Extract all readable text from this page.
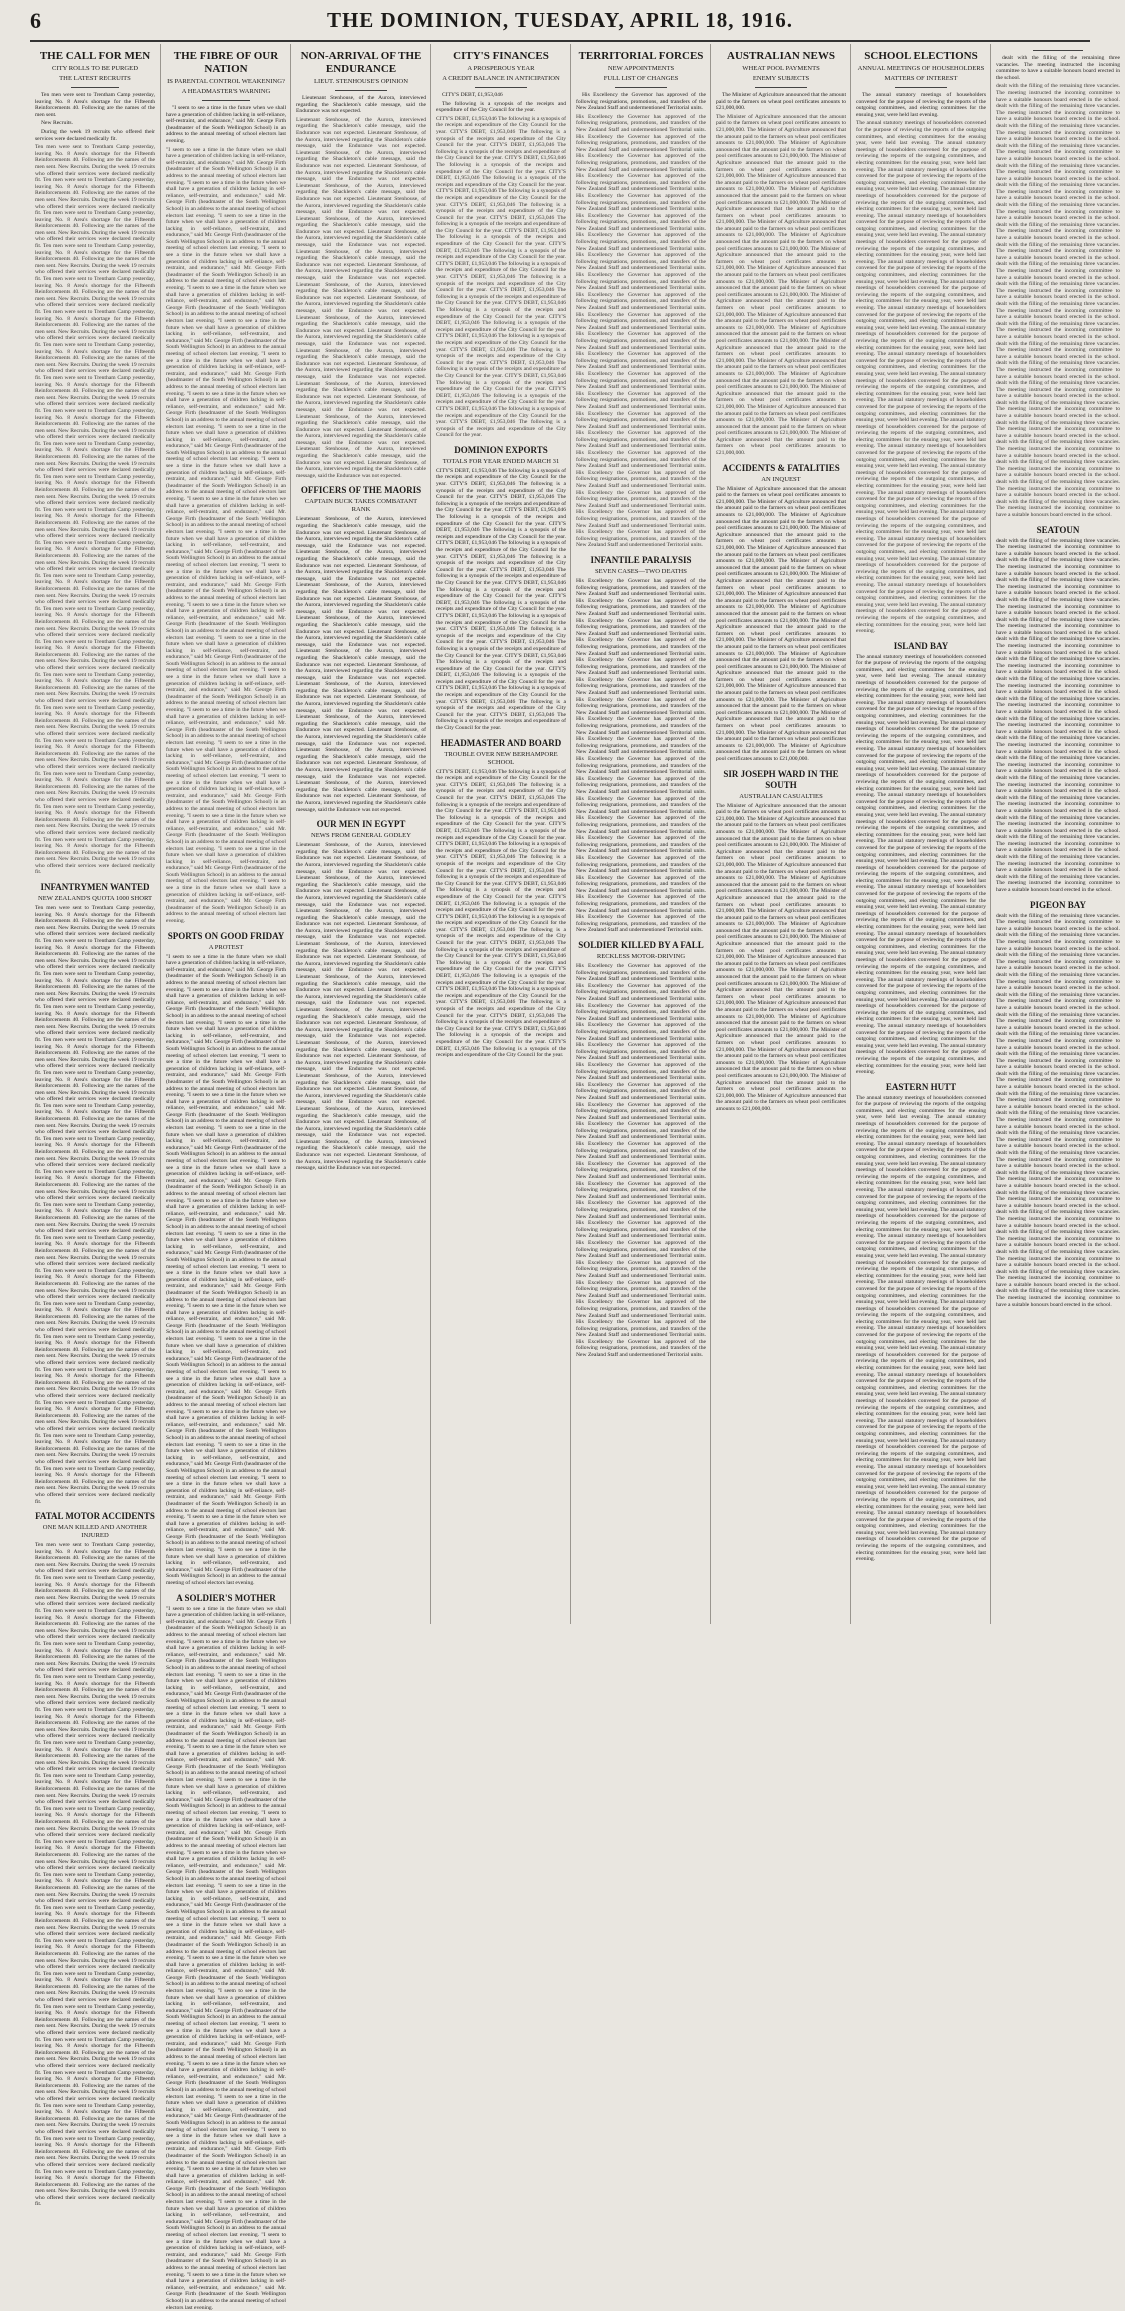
6	THE DOMINION, TUESDAY, APRIL 18, 1916.
THE CALL FOR MEN
CITY ROLLS TO BE PURGED
THE LATEST RECRUITS

Ten men were sent to Trentham Camp yesterday, leaving No. 8 Area's shortage for the Fifteenth Reinforcements 40. Following are the names of the men sent.

New Recruits.

During the week 19 recruits who offered their services were declared medically fit.

Ten men were sent to Trentham Camp yesterday, leaving No. 8 Area's shortage for the Fifteenth Reinforcements 40. Following are the names of the men sent. New Recruits. During the week 19 recruits who offered their services were declared medically fit. Ten men were sent to Trentham Camp yesterday, leaving No. 8 Area's shortage for the Fifteenth Reinforcements 40. Following are the names of the men sent. New Recruits. During the week 19 recruits who offered their services were declared medically fit. Ten men were sent to Trentham Camp yesterday, leaving No. 8 Area's shortage for the Fifteenth Reinforcements 40. Following are the names of the men sent. New Recruits. During the week 19 recruits who offered their services were declared medically fit. Ten men were sent to Trentham Camp yesterday, leaving No. 8 Area's shortage for the Fifteenth Reinforcements 40. Following are the names of the men sent. New Recruits. During the week 19 recruits who offered their services were declared medically fit. Ten men were sent to Trentham Camp yesterday, leaving No. 8 Area's shortage for the Fifteenth Reinforcements 40. Following are the names of the men sent. New Recruits. During the week 19 recruits who offered their services were declared medically fit. Ten men were sent to Trentham Camp yesterday, leaving No. 8 Area's shortage for the Fifteenth Reinforcements 40. Following are the names of the men sent. New Recruits. During the week 19 recruits who offered their services were declared medically fit. Ten men were sent to Trentham Camp yesterday, leaving No. 8 Area's shortage for the Fifteenth Reinforcements 40. Following are the names of the men sent. New Recruits. During the week 19 recruits who offered their services were declared medically fit. Ten men were sent to Trentham Camp yesterday, leaving No. 8 Area's shortage for the Fifteenth Reinforcements 40. Following are the names of the men sent. New Recruits. During the week 19 recruits who offered their services were declared medically fit. Ten men were sent to Trentham Camp yesterday, leaving No. 8 Area's shortage for the Fifteenth Reinforcements 40. Following are the names of the men sent. New Recruits. During the week 19 recruits who offered their services were declared medically fit. Ten men were sent to Trentham Camp yesterday, leaving No. 8 Area's shortage for the Fifteenth Reinforcements 40. Following are the names of the men sent. New Recruits. During the week 19 recruits who offered their services were declared medically fit. Ten men were sent to Trentham Camp yesterday, leaving No. 8 Area's shortage for the Fifteenth Reinforcements 40. Following are the names of the men sent. New Recruits. During the week 19 recruits who offered their services were declared medically fit. Ten men were sent to Trentham Camp yesterday, leaving No. 8 Area's shortage for the Fifteenth Reinforcements 40. Following are the names of the men sent. New Recruits. During the week 19 recruits who offered their services were declared medically fit. Ten men were sent to Trentham Camp yesterday, leaving No. 8 Area's shortage for the Fifteenth Reinforcements 40. Following are the names of the men sent. New Recruits. During the week 19 recruits who offered their services were declared medically fit. Ten men were sent to Trentham Camp yesterday, leaving No. 8 Area's shortage for the Fifteenth Reinforcements 40. Following are the names of the men sent. New Recruits. During the week 19 recruits who offered their services were declared medically fit. Ten men were sent to Trentham Camp yesterday, leaving No. 8 Area's shortage for the Fifteenth Reinforcements 40. Following are the names of the men sent. New Recruits. During the week 19 recruits who offered their services were declared medically fit. Ten men were sent to Trentham Camp yesterday, leaving No. 8 Area's shortage for the Fifteenth Reinforcements 40. Following are the names of the men sent. New Recruits. During the week 19 recruits who offered their services were declared medically fit. Ten men were sent to Trentham Camp yesterday, leaving No. 8 Area's shortage for the Fifteenth Reinforcements 40. Following are the names of the men sent. New Recruits. During the week 19 recruits who offered their services were declared medically fit. Ten men were sent to Trentham Camp yesterday, leaving No. 8 Area's shortage for the Fifteenth Reinforcements 40. Following are the names of the men sent. New Recruits. During the week 19 recruits who offered their services were declared medically fit. Ten men were sent to Trentham Camp yesterday, leaving No. 8 Area's shortage for the Fifteenth Reinforcements 40. Following are the names of the men sent. New Recruits. During the week 19 recruits who offered their services were declared medically fit. Ten men were sent to Trentham Camp yesterday, leaving No. 8 Area's shortage for the Fifteenth Reinforcements 40. Following are the names of the men sent. New Recruits. During the week 19 recruits who offered their services were declared medically fit. Ten men were sent to Trentham Camp yesterday, leaving No. 8 Area's shortage for the Fifteenth Reinforcements 40. Following are the names of the men sent. New Recruits. During the week 19 recruits who offered their services were declared medically fit. Ten men were sent to Trentham Camp yesterday, leaving No. 8 Area's shortage for the Fifteenth Reinforcements 40. Following are the names of the men sent. New Recruits. During the week 19 recruits who offered their services were declared medically fit.
INFANTRYMEN WANTED
NEW ZEALAND'S QUOTA 1000 SHORT
Ten men were sent to Trentham Camp yesterday, leaving No. 8 Area's shortage for the Fifteenth Reinforcements 40. Following are the names of the men sent. New Recruits. During the week 19 recruits who offered their services were declared medically fit. Ten men were sent to Trentham Camp yesterday, leaving No. 8 Area's shortage for the Fifteenth Reinforcements 40. Following are the names of the men sent. New Recruits. During the week 19 recruits who offered their services were declared medically fit. Ten men were sent to Trentham Camp yesterday, leaving No. 8 Area's shortage for the Fifteenth Reinforcements 40. Following are the names of the men sent. New Recruits. During the week 19 recruits who offered their services were declared medically fit. Ten men were sent to Trentham Camp yesterday, leaving No. 8 Area's shortage for the Fifteenth Reinforcements 40. Following are the names of the men sent. New Recruits. During the week 19 recruits who offered their services were declared medically fit. Ten men were sent to Trentham Camp yesterday, leaving No. 8 Area's shortage for the Fifteenth Reinforcements 40. Following are the names of the men sent. New Recruits. During the week 19 recruits who offered their services were declared medically fit. Ten men were sent to Trentham Camp yesterday, leaving No. 8 Area's shortage for the Fifteenth Reinforcements 40. Following are the names of the men sent. New Recruits. During the week 19 recruits who offered their services were declared medically fit. Ten men were sent to Trentham Camp yesterday, leaving No. 8 Area's shortage for the Fifteenth Reinforcements 40. Following are the names of the men sent. New Recruits. During the week 19 recruits who offered their services were declared medically fit. Ten men were sent to Trentham Camp yesterday, leaving No. 8 Area's shortage for the Fifteenth Reinforcements 40. Following are the names of the men sent. New Recruits. During the week 19 recruits who offered their services were declared medically fit. Ten men were sent to Trentham Camp yesterday, leaving No. 8 Area's shortage for the Fifteenth Reinforcements 40. Following are the names of the men sent. New Recruits. During the week 19 recruits who offered their services were declared medically fit. Ten men were sent to Trentham Camp yesterday, leaving No. 8 Area's shortage for the Fifteenth Reinforcements 40. Following are the names of the men sent. New Recruits. During the week 19 recruits who offered their services were declared medically fit. Ten men were sent to Trentham Camp yesterday, leaving No. 8 Area's shortage for the Fifteenth Reinforcements 40. Following are the names of the men sent. New Recruits. During the week 19 recruits who offered their services were declared medically fit. Ten men were sent to Trentham Camp yesterday, leaving No. 8 Area's shortage for the Fifteenth Reinforcements 40. Following are the names of the men sent. New Recruits. During the week 19 recruits who offered their services were declared medically fit. Ten men were sent to Trentham Camp yesterday, leaving No. 8 Area's shortage for the Fifteenth Reinforcements 40. Following are the names of the men sent. New Recruits. During the week 19 recruits who offered their services were declared medically fit. Ten men were sent to Trentham Camp yesterday, leaving No. 8 Area's shortage for the Fifteenth Reinforcements 40. Following are the names of the men sent. New Recruits. During the week 19 recruits who offered their services were declared medically fit. Ten men were sent to Trentham Camp yesterday, leaving No. 8 Area's shortage for the Fifteenth Reinforcements 40. Following are the names of the men sent. New Recruits. During the week 19 recruits who offered their services were declared medically fit. Ten men were sent to Trentham Camp yesterday, leaving No. 8 Area's shortage for the Fifteenth Reinforcements 40. Following are the names of the men sent. New Recruits. During the week 19 recruits who offered their services were declared medically fit. Ten men were sent to Trentham Camp yesterday, leaving No. 8 Area's shortage for the Fifteenth Reinforcements 40. Following are the names of the men sent. New Recruits. During the week 19 recruits who offered their services were declared medically fit. Ten men were sent to Trentham Camp yesterday, leaving No. 8 Area's shortage for the Fifteenth Reinforcements 40. Following are the names of the men sent. New Recruits. During the week 19 recruits who offered their services were declared medically fit.
FATAL MOTOR ACCIDENTS
ONE MAN KILLED AND ANOTHER INJURED
Ten men were sent to Trentham Camp yesterday, leaving No. 8 Area's shortage for the Fifteenth Reinforcements 40. Following are the names of the men sent. New Recruits. During the week 19 recruits who offered their services were declared medically fit. Ten men were sent to Trentham Camp yesterday, leaving No. 8 Area's shortage for the Fifteenth Reinforcements 40. Following are the names of the men sent. New Recruits. During the week 19 recruits who offered their services were declared medically fit. Ten men were sent to Trentham Camp yesterday, leaving No. 8 Area's shortage for the Fifteenth Reinforcements 40. Following are the names of the men sent. New Recruits. During the week 19 recruits who offered their services were declared medically fit. Ten men were sent to Trentham Camp yesterday, leaving No. 8 Area's shortage for the Fifteenth Reinforcements 40. Following are the names of the men sent. New Recruits. During the week 19 recruits who offered their services were declared medically fit. Ten men were sent to Trentham Camp yesterday, leaving No. 8 Area's shortage for the Fifteenth Reinforcements 40. Following are the names of the men sent. New Recruits. During the week 19 recruits who offered their services were declared medically fit. Ten men were sent to Trentham Camp yesterday, leaving No. 8 Area's shortage for the Fifteenth Reinforcements 40. Following are the names of the men sent. New Recruits. During the week 19 recruits who offered their services were declared medically fit. Ten men were sent to Trentham Camp yesterday, leaving No. 8 Area's shortage for the Fifteenth Reinforcements 40. Following are the names of the men sent. New Recruits. During the week 19 recruits who offered their services were declared medically fit. Ten men were sent to Trentham Camp yesterday, leaving No. 8 Area's shortage for the Fifteenth Reinforcements 40. Following are the names of the men sent. New Recruits. During the week 19 recruits who offered their services were declared medically fit. Ten men were sent to Trentham Camp yesterday, leaving No. 8 Area's shortage for the Fifteenth Reinforcements 40. Following are the names of the men sent. New Recruits. During the week 19 recruits who offered their services were declared medically fit. Ten men were sent to Trentham Camp yesterday, leaving No. 8 Area's shortage for the Fifteenth Reinforcements 40. Following are the names of the men sent. New Recruits. During the week 19 recruits who offered their services were declared medically fit. Ten men were sent to Trentham Camp yesterday, leaving No. 8 Area's shortage for the Fifteenth Reinforcements 40. Following are the names of the men sent. New Recruits. During the week 19 recruits who offered their services were declared medically fit. Ten men were sent to Trentham Camp yesterday, leaving No. 8 Area's shortage for the Fifteenth Reinforcements 40. Following are the names of the men sent. New Recruits. During the week 19 recruits who offered their services were declared medically fit. Ten men were sent to Trentham Camp yesterday, leaving No. 8 Area's shortage for the Fifteenth Reinforcements 40. Following are the names of the men sent. New Recruits. During the week 19 recruits who offered their services were declared medically fit. Ten men were sent to Trentham Camp yesterday, leaving No. 8 Area's shortage for the Fifteenth Reinforcements 40. Following are the names of the men sent. New Recruits. During the week 19 recruits who offered their services were declared medically fit. Ten men were sent to Trentham Camp yesterday, leaving No. 8 Area's shortage for the Fifteenth Reinforcements 40. Following are the names of the men sent. New Recruits. During the week 19 recruits who offered their services were declared medically fit. Ten men were sent to Trentham Camp yesterday, leaving No. 8 Area's shortage for the Fifteenth Reinforcements 40. Following are the names of the men sent. New Recruits. During the week 19 recruits who offered their services were declared medically fit. Ten men were sent to Trentham Camp yesterday, leaving No. 8 Area's shortage for the Fifteenth Reinforcements 40. Following are the names of the men sent. New Recruits. During the week 19 recruits who offered their services were declared medically fit. Ten men were sent to Trentham Camp yesterday, leaving No. 8 Area's shortage for the Fifteenth Reinforcements 40. Following are the names of the men sent. New Recruits. During the week 19 recruits who offered their services were declared medically fit. Ten men were sent to Trentham Camp yesterday, leaving No. 8 Area's shortage for the Fifteenth Reinforcements 40. Following are the names of the men sent. New Recruits. During the week 19 recruits who offered their services were declared medically fit. Ten men were sent to Trentham Camp yesterday, leaving No. 8 Area's shortage for the Fifteenth Reinforcements 40. Following are the names of the men sent. New Recruits. During the week 19 recruits who offered their services were declared medically fit.
THE FIBRE OF OUR NATION
IS PARENTAL CONTROL WEAKENING?
A HEADMASTER'S WARNING

"I seem to see a time in the future when we shall have a generation of children lacking in self-reliance, self-restraint, and endurance," said Mr. George Firth (headmaster of the South Wellington School) in an address to the annual meeting of school electors last evening.

"I seem to see a time in the future when we shall have a generation of children lacking in self-reliance, self-restraint, and endurance," said Mr. George Firth (headmaster of the South Wellington School) in an address to the annual meeting of school electors last evening. "I seem to see a time in the future when we shall have a generation of children lacking in self-reliance, self-restraint, and endurance," said Mr. George Firth (headmaster of the South Wellington School) in an address to the annual meeting of school electors last evening. "I seem to see a time in the future when we shall have a generation of children lacking in self-reliance, self-restraint, and endurance," said Mr. George Firth (headmaster of the South Wellington School) in an address to the annual meeting of school electors last evening. "I seem to see a time in the future when we shall have a generation of children lacking in self-reliance, self-restraint, and endurance," said Mr. George Firth (headmaster of the South Wellington School) in an address to the annual meeting of school electors last evening. "I seem to see a time in the future when we shall have a generation of children lacking in self-reliance, self-restraint, and endurance," said Mr. George Firth (headmaster of the South Wellington School) in an address to the annual meeting of school electors last evening. "I seem to see a time in the future when we shall have a generation of children lacking in self-reliance, self-restraint, and endurance," said Mr. George Firth (headmaster of the South Wellington School) in an address to the annual meeting of school electors last evening. "I seem to see a time in the future when we shall have a generation of children lacking in self-reliance, self-restraint, and endurance," said Mr. George Firth (headmaster of the South Wellington School) in an address to the annual meeting of school electors last evening. "I seem to see a time in the future when we shall have a generation of children lacking in self-reliance, self-restraint, and endurance," said Mr. George Firth (headmaster of the South Wellington School) in an address to the annual meeting of school electors last evening. "I seem to see a time in the future when we shall have a generation of children lacking in self-reliance, self-restraint, and endurance," said Mr. George Firth (headmaster of the South Wellington School) in an address to the annual meeting of school electors last evening. "I seem to see a time in the future when we shall have a generation of children lacking in self-reliance, self-restraint, and endurance," said Mr. George Firth (headmaster of the South Wellington School) in an address to the annual meeting of school electors last evening. "I seem to see a time in the future when we shall have a generation of children lacking in self-reliance, self-restraint, and endurance," said Mr. George Firth (headmaster of the South Wellington School) in an address to the annual meeting of school electors last evening. "I seem to see a time in the future when we shall have a generation of children lacking in self-reliance, self-restraint, and endurance," said Mr. George Firth (headmaster of the South Wellington School) in an address to the annual meeting of school electors last evening. "I seem to see a time in the future when we shall have a generation of children lacking in self-reliance, self-restraint, and endurance," said Mr. George Firth (headmaster of the South Wellington School) in an address to the annual meeting of school electors last evening. "I seem to see a time in the future when we shall have a generation of children lacking in self-reliance, self-restraint, and endurance," said Mr. George Firth (headmaster of the South Wellington School) in an address to the annual meeting of school electors last evening. "I seem to see a time in the future when we shall have a generation of children lacking in self-reliance, self-restraint, and endurance," said Mr. George Firth (headmaster of the South Wellington School) in an address to the annual meeting of school electors last evening. "I seem to see a time in the future when we shall have a generation of children lacking in self-reliance, self-restraint, and endurance," said Mr. George Firth (headmaster of the South Wellington School) in an address to the annual meeting of school electors last evening. "I seem to see a time in the future when we shall have a generation of children lacking in self-reliance, self-restraint, and endurance," said Mr. George Firth (headmaster of the South Wellington School) in an address to the annual meeting of school electors last evening. "I seem to see a time in the future when we shall have a generation of children lacking in self-reliance, self-restraint, and endurance," said Mr. George Firth (headmaster of the South Wellington School) in an address to the annual meeting of school electors last evening. "I seem to see a time in the future when we shall have a generation of children lacking in self-reliance, self-restraint, and endurance," said Mr. George Firth (headmaster of the South Wellington School) in an address to the annual meeting of school electors last evening. "I seem to see a time in the future when we shall have a generation of children lacking in self-reliance, self-restraint, and endurance," said Mr. George Firth (headmaster of the South Wellington School) in an address to the annual meeting of school electors last evening. "I seem to see a time in the future when we shall have a generation of children lacking in self-reliance, self-restraint, and endurance," said Mr. George Firth (headmaster of the South Wellington School) in an address to the annual meeting of school electors last evening. "I seem to see a time in the future when we shall have a generation of children lacking in self-reliance, self-restraint, and endurance," said Mr. George Firth (headmaster of the South Wellington School) in an address to the annual meeting of school electors last evening.
SPORTS ON GOOD FRIDAY
A PROTEST
"I seem to see a time in the future when we shall have a generation of children lacking in self-reliance, self-restraint, and endurance," said Mr. George Firth (headmaster of the South Wellington School) in an address to the annual meeting of school electors last evening. "I seem to see a time in the future when we shall have a generation of children lacking in self-reliance, self-restraint, and endurance," said Mr. George Firth (headmaster of the South Wellington School) in an address to the annual meeting of school electors last evening. "I seem to see a time in the future when we shall have a generation of children lacking in self-reliance, self-restraint, and endurance," said Mr. George Firth (headmaster of the South Wellington School) in an address to the annual meeting of school electors last evening. "I seem to see a time in the future when we shall have a generation of children lacking in self-reliance, self-restraint, and endurance," said Mr. George Firth (headmaster of the South Wellington School) in an address to the annual meeting of school electors last evening. "I seem to see a time in the future when we shall have a generation of children lacking in self-reliance, self-restraint, and endurance," said Mr. George Firth (headmaster of the South Wellington School) in an address to the annual meeting of school electors last evening. "I seem to see a time in the future when we shall have a generation of children lacking in self-reliance, self-restraint, and endurance," said Mr. George Firth (headmaster of the South Wellington School) in an address to the annual meeting of school electors last evening. "I seem to see a time in the future when we shall have a generation of children lacking in self-reliance, self-restraint, and endurance," said Mr. George Firth (headmaster of the South Wellington School) in an address to the annual meeting of school electors last evening. "I seem to see a time in the future when we shall have a generation of children lacking in self-reliance, self-restraint, and endurance," said Mr. George Firth (headmaster of the South Wellington School) in an address to the annual meeting of school electors last evening. "I seem to see a time in the future when we shall have a generation of children lacking in self-reliance, self-restraint, and endurance," said Mr. George Firth (headmaster of the South Wellington School) in an address to the annual meeting of school electors last evening. "I seem to see a time in the future when we shall have a generation of children lacking in self-reliance, self-restraint, and endurance," said Mr. George Firth (headmaster of the South Wellington School) in an address to the annual meeting of school electors last evening. "I seem to see a time in the future when we shall have a generation of children lacking in self-reliance, self-restraint, and endurance," said Mr. George Firth (headmaster of the South Wellington School) in an address to the annual meeting of school electors last evening. "I seem to see a time in the future when we shall have a generation of children lacking in self-reliance, self-restraint, and endurance," said Mr. George Firth (headmaster of the South Wellington School) in an address to the annual meeting of school electors last evening. "I seem to see a time in the future when we shall have a generation of children lacking in self-reliance, self-restraint, and endurance," said Mr. George Firth (headmaster of the South Wellington School) in an address to the annual meeting of school electors last evening. "I seem to see a time in the future when we shall have a generation of children lacking in self-reliance, self-restraint, and endurance," said Mr. George Firth (headmaster of the South Wellington School) in an address to the annual meeting of school electors last evening. "I seem to see a time in the future when we shall have a generation of children lacking in self-reliance, self-restraint, and endurance," said Mr. George Firth (headmaster of the South Wellington School) in an address to the annual meeting of school electors last evening. "I seem to see a time in the future when we shall have a generation of children lacking in self-reliance, self-restraint, and endurance," said Mr. George Firth (headmaster of the South Wellington School) in an address to the annual meeting of school electors last evening. "I seem to see a time in the future when we shall have a generation of children lacking in self-reliance, self-restraint, and endurance," said Mr. George Firth (headmaster of the South Wellington School) in an address to the annual meeting of school electors last evening. "I seem to see a time in the future when we shall have a generation of children lacking in self-reliance, self-restraint, and endurance," said Mr. George Firth (headmaster of the South Wellington School) in an address to the annual meeting of school electors last evening.
A SOLDIER'S MOTHER
"I seem to see a time in the future when we shall have a generation of children lacking in self-reliance, self-restraint, and endurance," said Mr. George Firth (headmaster of the South Wellington School) in an address to the annual meeting of school electors last evening. "I seem to see a time in the future when we shall have a generation of children lacking in self-reliance, self-restraint, and endurance," said Mr. George Firth (headmaster of the South Wellington School) in an address to the annual meeting of school electors last evening. "I seem to see a time in the future when we shall have a generation of children lacking in self-reliance, self-restraint, and endurance," said Mr. George Firth (headmaster of the South Wellington School) in an address to the annual meeting of school electors last evening. "I seem to see a time in the future when we shall have a generation of children lacking in self-reliance, self-restraint, and endurance," said Mr. George Firth (headmaster of the South Wellington School) in an address to the annual meeting of school electors last evening. "I seem to see a time in the future when we shall have a generation of children lacking in self-reliance, self-restraint, and endurance," said Mr. George Firth (headmaster of the South Wellington School) in an address to the annual meeting of school electors last evening. "I seem to see a time in the future when we shall have a generation of children lacking in self-reliance, self-restraint, and endurance," said Mr. George Firth (headmaster of the South Wellington School) in an address to the annual meeting of school electors last evening. "I seem to see a time in the future when we shall have a generation of children lacking in self-reliance, self-restraint, and endurance," said Mr. George Firth (headmaster of the South Wellington School) in an address to the annual meeting of school electors last evening. "I seem to see a time in the future when we shall have a generation of children lacking in self-reliance, self-restraint, and endurance," said Mr. George Firth (headmaster of the South Wellington School) in an address to the annual meeting of school electors last evening. "I seem to see a time in the future when we shall have a generation of children lacking in self-reliance, self-restraint, and endurance," said Mr. George Firth (headmaster of the South Wellington School) in an address to the annual meeting of school electors last evening. "I seem to see a time in the future when we shall have a generation of children lacking in self-reliance, self-restraint, and endurance," said Mr. George Firth (headmaster of the South Wellington School) in an address to the annual meeting of school electors last evening. "I seem to see a time in the future when we shall have a generation of children lacking in self-reliance, self-restraint, and endurance," said Mr. George Firth (headmaster of the South Wellington School) in an address to the annual meeting of school electors last evening. "I seem to see a time in the future when we shall have a generation of children lacking in self-reliance, self-restraint, and endurance," said Mr. George Firth (headmaster of the South Wellington School) in an address to the annual meeting of school electors last evening. "I seem to see a time in the future when we shall have a generation of children lacking in self-reliance, self-restraint, and endurance," said Mr. George Firth (headmaster of the South Wellington School) in an address to the annual meeting of school electors last evening. "I seem to see a time in the future when we shall have a generation of children lacking in self-reliance, self-restraint, and endurance," said Mr. George Firth (headmaster of the South Wellington School) in an address to the annual meeting of school electors last evening. "I seem to see a time in the future when we shall have a generation of children lacking in self-reliance, self-restraint, and endurance," said Mr. George Firth (headmaster of the South Wellington School) in an address to the annual meeting of school electors last evening. "I seem to see a time in the future when we shall have a generation of children lacking in self-reliance, self-restraint, and endurance," said Mr. George Firth (headmaster of the South Wellington School) in an address to the annual meeting of school electors last evening. "I seem to see a time in the future when we shall have a generation of children lacking in self-reliance, self-restraint, and endurance," said Mr. George Firth (headmaster of the South Wellington School) in an address to the annual meeting of school electors last evening. "I seem to see a time in the future when we shall have a generation of children lacking in self-reliance, self-restraint, and endurance," said Mr. George Firth (headmaster of the South Wellington School) in an address to the annual meeting of school electors last evening. "I seem to see a time in the future when we shall have a generation of children lacking in self-reliance, self-restraint, and endurance," said Mr. George Firth (headmaster of the South Wellington School) in an address to the annual meeting of school electors last evening. "I seem to see a time in the future when we shall have a generation of children lacking in self-reliance, self-restraint, and endurance," said Mr. George Firth (headmaster of the South Wellington School) in an address to the annual meeting of school electors last evening.
NON-ARRIVAL OF THE ENDURANCE
LIEUT. STENHOUSE'S OPINION

Lieutenant Stenhouse, of the Aurora, interviewed regarding the Shackleton's cable message, said the Endurance was not expected.

Lieutenant Stenhouse, of the Aurora, interviewed regarding the Shackleton's cable message, said the Endurance was not expected. Lieutenant Stenhouse, of the Aurora, interviewed regarding the Shackleton's cable message, said the Endurance was not expected. Lieutenant Stenhouse, of the Aurora, interviewed regarding the Shackleton's cable message, said the Endurance was not expected. Lieutenant Stenhouse, of the Aurora, interviewed regarding the Shackleton's cable message, said the Endurance was not expected. Lieutenant Stenhouse, of the Aurora, interviewed regarding the Shackleton's cable message, said the Endurance was not expected. Lieutenant Stenhouse, of the Aurora, interviewed regarding the Shackleton's cable message, said the Endurance was not expected. Lieutenant Stenhouse, of the Aurora, interviewed regarding the Shackleton's cable message, said the Endurance was not expected. Lieutenant Stenhouse, of the Aurora, interviewed regarding the Shackleton's cable message, said the Endurance was not expected. Lieutenant Stenhouse, of the Aurora, interviewed regarding the Shackleton's cable message, said the Endurance was not expected. Lieutenant Stenhouse, of the Aurora, interviewed regarding the Shackleton's cable message, said the Endurance was not expected. Lieutenant Stenhouse, of the Aurora, interviewed regarding the Shackleton's cable message, said the Endurance was not expected. Lieutenant Stenhouse, of the Aurora, interviewed regarding the Shackleton's cable message, said the Endurance was not expected. Lieutenant Stenhouse, of the Aurora, interviewed regarding the Shackleton's cable message, said the Endurance was not expected. Lieutenant Stenhouse, of the Aurora, interviewed regarding the Shackleton's cable message, said the Endurance was not expected. Lieutenant Stenhouse, of the Aurora, interviewed regarding the Shackleton's cable message, said the Endurance was not expected. Lieutenant Stenhouse, of the Aurora, interviewed regarding the Shackleton's cable message, said the Endurance was not expected. Lieutenant Stenhouse, of the Aurora, interviewed regarding the Shackleton's cable message, said the Endurance was not expected. Lieutenant Stenhouse, of the Aurora, interviewed regarding the Shackleton's cable message, said the Endurance was not expected. Lieutenant Stenhouse, of the Aurora, interviewed regarding the Shackleton's cable message, said the Endurance was not expected. Lieutenant Stenhouse, of the Aurora, interviewed regarding the Shackleton's cable message, said the Endurance was not expected. Lieutenant Stenhouse, of the Aurora, interviewed regarding the Shackleton's cable message, said the Endurance was not expected. Lieutenant Stenhouse, of the Aurora, interviewed regarding the Shackleton's cable message, said the Endurance was not expected.
OFFICERS OF THE MAORIS
CAPTAIN BUCK TAKES COMBATANT RANK
Lieutenant Stenhouse, of the Aurora, interviewed regarding the Shackleton's cable message, said the Endurance was not expected. Lieutenant Stenhouse, of the Aurora, interviewed regarding the Shackleton's cable message, said the Endurance was not expected. Lieutenant Stenhouse, of the Aurora, interviewed regarding the Shackleton's cable message, said the Endurance was not expected. Lieutenant Stenhouse, of the Aurora, interviewed regarding the Shackleton's cable message, said the Endurance was not expected. Lieutenant Stenhouse, of the Aurora, interviewed regarding the Shackleton's cable message, said the Endurance was not expected. Lieutenant Stenhouse, of the Aurora, interviewed regarding the Shackleton's cable message, said the Endurance was not expected. Lieutenant Stenhouse, of the Aurora, interviewed regarding the Shackleton's cable message, said the Endurance was not expected. Lieutenant Stenhouse, of the Aurora, interviewed regarding the Shackleton's cable message, said the Endurance was not expected. Lieutenant Stenhouse, of the Aurora, interviewed regarding the Shackleton's cable message, said the Endurance was not expected. Lieutenant Stenhouse, of the Aurora, interviewed regarding the Shackleton's cable message, said the Endurance was not expected. Lieutenant Stenhouse, of the Aurora, interviewed regarding the Shackleton's cable message, said the Endurance was not expected. Lieutenant Stenhouse, of the Aurora, interviewed regarding the Shackleton's cable message, said the Endurance was not expected. Lieutenant Stenhouse, of the Aurora, interviewed regarding the Shackleton's cable message, said the Endurance was not expected. Lieutenant Stenhouse, of the Aurora, interviewed regarding the Shackleton's cable message, said the Endurance was not expected. Lieutenant Stenhouse, of the Aurora, interviewed regarding the Shackleton's cable message, said the Endurance was not expected. Lieutenant Stenhouse, of the Aurora, interviewed regarding the Shackleton's cable message, said the Endurance was not expected. Lieutenant Stenhouse, of the Aurora, interviewed regarding the Shackleton's cable message, said the Endurance was not expected. Lieutenant Stenhouse, of the Aurora, interviewed regarding the Shackleton's cable message, said the Endurance was not expected.
OUR MEN IN EGYPT
NEWS FROM GENERAL GODLEY
Lieutenant Stenhouse, of the Aurora, interviewed regarding the Shackleton's cable message, said the Endurance was not expected. Lieutenant Stenhouse, of the Aurora, interviewed regarding the Shackleton's cable message, said the Endurance was not expected. Lieutenant Stenhouse, of the Aurora, interviewed regarding the Shackleton's cable message, said the Endurance was not expected. Lieutenant Stenhouse, of the Aurora, interviewed regarding the Shackleton's cable message, said the Endurance was not expected. Lieutenant Stenhouse, of the Aurora, interviewed regarding the Shackleton's cable message, said the Endurance was not expected. Lieutenant Stenhouse, of the Aurora, interviewed regarding the Shackleton's cable message, said the Endurance was not expected. Lieutenant Stenhouse, of the Aurora, interviewed regarding the Shackleton's cable message, said the Endurance was not expected. Lieutenant Stenhouse, of the Aurora, interviewed regarding the Shackleton's cable message, said the Endurance was not expected. Lieutenant Stenhouse, of the Aurora, interviewed regarding the Shackleton's cable message, said the Endurance was not expected. Lieutenant Stenhouse, of the Aurora, interviewed regarding the Shackleton's cable message, said the Endurance was not expected. Lieutenant Stenhouse, of the Aurora, interviewed regarding the Shackleton's cable message, said the Endurance was not expected. Lieutenant Stenhouse, of the Aurora, interviewed regarding the Shackleton's cable message, said the Endurance was not expected. Lieutenant Stenhouse, of the Aurora, interviewed regarding the Shackleton's cable message, said the Endurance was not expected. Lieutenant Stenhouse, of the Aurora, interviewed regarding the Shackleton's cable message, said the Endurance was not expected. Lieutenant Stenhouse, of the Aurora, interviewed regarding the Shackleton's cable message, said the Endurance was not expected. Lieutenant Stenhouse, of the Aurora, interviewed regarding the Shackleton's cable message, said the Endurance was not expected. Lieutenant Stenhouse, of the Aurora, interviewed regarding the Shackleton's cable message, said the Endurance was not expected. Lieutenant Stenhouse, of the Aurora, interviewed regarding the Shackleton's cable message, said the Endurance was not expected. Lieutenant Stenhouse, of the Aurora, interviewed regarding the Shackleton's cable message, said the Endurance was not expected. Lieutenant Stenhouse, of the Aurora, interviewed regarding the Shackleton's cable message, said the Endurance was not expected.
CITY'S FINANCES
A PROSPEROUS YEAR
A CREDIT BALANCE IN ANTICIPATION

CITY'S DEBT, £1,953,046

The following is a synopsis of the receipts and expenditure of the City Council for the year.

CITY'S DEBT, £1,953,046 The following is a synopsis of the receipts and expenditure of the City Council for the year. CITY'S DEBT, £1,953,046 The following is a synopsis of the receipts and expenditure of the City Council for the year. CITY'S DEBT, £1,953,046 The following is a synopsis of the receipts and expenditure of the City Council for the year. CITY'S DEBT, £1,953,046 The following is a synopsis of the receipts and expenditure of the City Council for the year. CITY'S DEBT, £1,953,046 The following is a synopsis of the receipts and expenditure of the City Council for the year. CITY'S DEBT, £1,953,046 The following is a synopsis of the receipts and expenditure of the City Council for the year. CITY'S DEBT, £1,953,046 The following is a synopsis of the receipts and expenditure of the City Council for the year. CITY'S DEBT, £1,953,046 The following is a synopsis of the receipts and expenditure of the City Council for the year. CITY'S DEBT, £1,953,046 The following is a synopsis of the receipts and expenditure of the City Council for the year. CITY'S DEBT, £1,953,046 The following is a synopsis of the receipts and expenditure of the City Council for the year. CITY'S DEBT, £1,953,046 The following is a synopsis of the receipts and expenditure of the City Council for the year. CITY'S DEBT, £1,953,046 The following is a synopsis of the receipts and expenditure of the City Council for the year. CITY'S DEBT, £1,953,046 The following is a synopsis of the receipts and expenditure of the City Council for the year. CITY'S DEBT, £1,953,046 The following is a synopsis of the receipts and expenditure of the City Council for the year. CITY'S DEBT, £1,953,046 The following is a synopsis of the receipts and expenditure of the City Council for the year. CITY'S DEBT, £1,953,046 The following is a synopsis of the receipts and expenditure of the City Council for the year. CITY'S DEBT, £1,953,046 The following is a synopsis of the receipts and expenditure of the City Council for the year. CITY'S DEBT, £1,953,046 The following is a synopsis of the receipts and expenditure of the City Council for the year. CITY'S DEBT, £1,953,046 The following is a synopsis of the receipts and expenditure of the City Council for the year. CITY'S DEBT, £1,953,046 The following is a synopsis of the receipts and expenditure of the City Council for the year. CITY'S DEBT, £1,953,046 The following is a synopsis of the receipts and expenditure of the City Council for the year. CITY'S DEBT, £1,953,046 The following is a synopsis of the receipts and expenditure of the City Council for the year.
DOMINION EXPORTS
TOTALS FOR YEAR ENDED MARCH 31
CITY'S DEBT, £1,953,046 The following is a synopsis of the receipts and expenditure of the City Council for the year. CITY'S DEBT, £1,953,046 The following is a synopsis of the receipts and expenditure of the City Council for the year. CITY'S DEBT, £1,953,046 The following is a synopsis of the receipts and expenditure of the City Council for the year. CITY'S DEBT, £1,953,046 The following is a synopsis of the receipts and expenditure of the City Council for the year. CITY'S DEBT, £1,953,046 The following is a synopsis of the receipts and expenditure of the City Council for the year. CITY'S DEBT, £1,953,046 The following is a synopsis of the receipts and expenditure of the City Council for the year. CITY'S DEBT, £1,953,046 The following is a synopsis of the receipts and expenditure of the City Council for the year. CITY'S DEBT, £1,953,046 The following is a synopsis of the receipts and expenditure of the City Council for the year. CITY'S DEBT, £1,953,046 The following is a synopsis of the receipts and expenditure of the City Council for the year. CITY'S DEBT, £1,953,046 The following is a synopsis of the receipts and expenditure of the City Council for the year. CITY'S DEBT, £1,953,046 The following is a synopsis of the receipts and expenditure of the City Council for the year. CITY'S DEBT, £1,953,046 The following is a synopsis of the receipts and expenditure of the City Council for the year. CITY'S DEBT, £1,953,046 The following is a synopsis of the receipts and expenditure of the City Council for the year. CITY'S DEBT, £1,953,046 The following is a synopsis of the receipts and expenditure of the City Council for the year. CITY'S DEBT, £1,953,046 The following is a synopsis of the receipts and expenditure of the City Council for the year. CITY'S DEBT, £1,953,046 The following is a synopsis of the receipts and expenditure of the City Council for the year. CITY'S DEBT, £1,953,046 The following is a synopsis of the receipts and expenditure of the City Council for the year. CITY'S DEBT, £1,953,046 The following is a synopsis of the receipts and expenditure of the City Council for the year.
HEADMASTER AND BOARD
TROUBLE OVER NEW BERHAMPORE SCHOOL
CITY'S DEBT, £1,953,046 The following is a synopsis of the receipts and expenditure of the City Council for the year. CITY'S DEBT, £1,953,046 The following is a synopsis of the receipts and expenditure of the City Council for the year. CITY'S DEBT, £1,953,046 The following is a synopsis of the receipts and expenditure of the City Council for the year. CITY'S DEBT, £1,953,046 The following is a synopsis of the receipts and expenditure of the City Council for the year. CITY'S DEBT, £1,953,046 The following is a synopsis of the receipts and expenditure of the City Council for the year. CITY'S DEBT, £1,953,046 The following is a synopsis of the receipts and expenditure of the City Council for the year. CITY'S DEBT, £1,953,046 The following is a synopsis of the receipts and expenditure of the City Council for the year. CITY'S DEBT, £1,953,046 The following is a synopsis of the receipts and expenditure of the City Council for the year. CITY'S DEBT, £1,953,046 The following is a synopsis of the receipts and expenditure of the City Council for the year. CITY'S DEBT, £1,953,046 The following is a synopsis of the receipts and expenditure of the City Council for the year. CITY'S DEBT, £1,953,046 The following is a synopsis of the receipts and expenditure of the City Council for the year. CITY'S DEBT, £1,953,046 The following is a synopsis of the receipts and expenditure of the City Council for the year. CITY'S DEBT, £1,953,046 The following is a synopsis of the receipts and expenditure of the City Council for the year. CITY'S DEBT, £1,953,046 The following is a synopsis of the receipts and expenditure of the City Council for the year. CITY'S DEBT, £1,953,046 The following is a synopsis of the receipts and expenditure of the City Council for the year. CITY'S DEBT, £1,953,046 The following is a synopsis of the receipts and expenditure of the City Council for the year. CITY'S DEBT, £1,953,046 The following is a synopsis of the receipts and expenditure of the City Council for the year. CITY'S DEBT, £1,953,046 The following is a synopsis of the receipts and expenditure of the City Council for the year. CITY'S DEBT, £1,953,046 The following is a synopsis of the receipts and expenditure of the City Council for the year. CITY'S DEBT, £1,953,046 The following is a synopsis of the receipts and expenditure of the City Council for the year.
TERRITORIAL FORCES
NEW APPOINTMENTS
FULL LIST OF CHANGES

His Excellency the Governor has approved of the following resignations, promotions, and transfers of the New Zealand Staff and undermentioned Territorial units.

His Excellency the Governor has approved of the following resignations, promotions, and transfers of the New Zealand Staff and undermentioned Territorial units. His Excellency the Governor has approved of the following resignations, promotions, and transfers of the New Zealand Staff and undermentioned Territorial units. His Excellency the Governor has approved of the following resignations, promotions, and transfers of the New Zealand Staff and undermentioned Territorial units. His Excellency the Governor has approved of the following resignations, promotions, and transfers of the New Zealand Staff and undermentioned Territorial units. His Excellency the Governor has approved of the following resignations, promotions, and transfers of the New Zealand Staff and undermentioned Territorial units. His Excellency the Governor has approved of the following resignations, promotions, and transfers of the New Zealand Staff and undermentioned Territorial units. His Excellency the Governor has approved of the following resignations, promotions, and transfers of the New Zealand Staff and undermentioned Territorial units. His Excellency the Governor has approved of the following resignations, promotions, and transfers of the New Zealand Staff and undermentioned Territorial units. His Excellency the Governor has approved of the following resignations, promotions, and transfers of the New Zealand Staff and undermentioned Territorial units. His Excellency the Governor has approved of the following resignations, promotions, and transfers of the New Zealand Staff and undermentioned Territorial units. His Excellency the Governor has approved of the following resignations, promotions, and transfers of the New Zealand Staff and undermentioned Territorial units. His Excellency the Governor has approved of the following resignations, promotions, and transfers of the New Zealand Staff and undermentioned Territorial units. His Excellency the Governor has approved of the following resignations, promotions, and transfers of the New Zealand Staff and undermentioned Territorial units. His Excellency the Governor has approved of the following resignations, promotions, and transfers of the New Zealand Staff and undermentioned Territorial units. His Excellency the Governor has approved of the following resignations, promotions, and transfers of the New Zealand Staff and undermentioned Territorial units. His Excellency the Governor has approved of the following resignations, promotions, and transfers of the New Zealand Staff and undermentioned Territorial units. His Excellency the Governor has approved of the following resignations, promotions, and transfers of the New Zealand Staff and undermentioned Territorial units. His Excellency the Governor has approved of the following resignations, promotions, and transfers of the New Zealand Staff and undermentioned Territorial units. His Excellency the Governor has approved of the following resignations, promotions, and transfers of the New Zealand Staff and undermentioned Territorial units. His Excellency the Governor has approved of the following resignations, promotions, and transfers of the New Zealand Staff and undermentioned Territorial units. His Excellency the Governor has approved of the following resignations, promotions, and transfers of the New Zealand Staff and undermentioned Territorial units. His Excellency the Governor has approved of the following resignations, promotions, and transfers of the New Zealand Staff and undermentioned Territorial units.
INFANTILE PARALYSIS
SEVEN CASES—TWO DEATHS
His Excellency the Governor has approved of the following resignations, promotions, and transfers of the New Zealand Staff and undermentioned Territorial units. His Excellency the Governor has approved of the following resignations, promotions, and transfers of the New Zealand Staff and undermentioned Territorial units. His Excellency the Governor has approved of the following resignations, promotions, and transfers of the New Zealand Staff and undermentioned Territorial units. His Excellency the Governor has approved of the following resignations, promotions, and transfers of the New Zealand Staff and undermentioned Territorial units. His Excellency the Governor has approved of the following resignations, promotions, and transfers of the New Zealand Staff and undermentioned Territorial units. His Excellency the Governor has approved of the following resignations, promotions, and transfers of the New Zealand Staff and undermentioned Territorial units. His Excellency the Governor has approved of the following resignations, promotions, and transfers of the New Zealand Staff and undermentioned Territorial units. His Excellency the Governor has approved of the following resignations, promotions, and transfers of the New Zealand Staff and undermentioned Territorial units. His Excellency the Governor has approved of the following resignations, promotions, and transfers of the New Zealand Staff and undermentioned Territorial units. His Excellency the Governor has approved of the following resignations, promotions, and transfers of the New Zealand Staff and undermentioned Territorial units. His Excellency the Governor has approved of the following resignations, promotions, and transfers of the New Zealand Staff and undermentioned Territorial units. His Excellency the Governor has approved of the following resignations, promotions, and transfers of the New Zealand Staff and undermentioned Territorial units. His Excellency the Governor has approved of the following resignations, promotions, and transfers of the New Zealand Staff and undermentioned Territorial units. His Excellency the Governor has approved of the following resignations, promotions, and transfers of the New Zealand Staff and undermentioned Territorial units. His Excellency the Governor has approved of the following resignations, promotions, and transfers of the New Zealand Staff and undermentioned Territorial units. His Excellency the Governor has approved of the following resignations, promotions, and transfers of the New Zealand Staff and undermentioned Territorial units. His Excellency the Governor has approved of the following resignations, promotions, and transfers of the New Zealand Staff and undermentioned Territorial units. His Excellency the Governor has approved of the following resignations, promotions, and transfers of the New Zealand Staff and undermentioned Territorial units.
SOLDIER KILLED BY A FALL
RECKLESS MOTOR-DRIVING
His Excellency the Governor has approved of the following resignations, promotions, and transfers of the New Zealand Staff and undermentioned Territorial units. His Excellency the Governor has approved of the following resignations, promotions, and transfers of the New Zealand Staff and undermentioned Territorial units. His Excellency the Governor has approved of the following resignations, promotions, and transfers of the New Zealand Staff and undermentioned Territorial units. His Excellency the Governor has approved of the following resignations, promotions, and transfers of the New Zealand Staff and undermentioned Territorial units. His Excellency the Governor has approved of the following resignations, promotions, and transfers of the New Zealand Staff and undermentioned Territorial units. His Excellency the Governor has approved of the following resignations, promotions, and transfers of the New Zealand Staff and undermentioned Territorial units. His Excellency the Governor has approved of the following resignations, promotions, and transfers of the New Zealand Staff and undermentioned Territorial units. His Excellency the Governor has approved of the following resignations, promotions, and transfers of the New Zealand Staff and undermentioned Territorial units. His Excellency the Governor has approved of the following resignations, promotions, and transfers of the New Zealand Staff and undermentioned Territorial units. His Excellency the Governor has approved of the following resignations, promotions, and transfers of the New Zealand Staff and undermentioned Territorial units. His Excellency the Governor has approved of the following resignations, promotions, and transfers of the New Zealand Staff and undermentioned Territorial units. His Excellency the Governor has approved of the following resignations, promotions, and transfers of the New Zealand Staff and undermentioned Territorial units. His Excellency the Governor has approved of the following resignations, promotions, and transfers of the New Zealand Staff and undermentioned Territorial units. His Excellency the Governor has approved of the following resignations, promotions, and transfers of the New Zealand Staff and undermentioned Territorial units. His Excellency the Governor has approved of the following resignations, promotions, and transfers of the New Zealand Staff and undermentioned Territorial units. His Excellency the Governor has approved of the following resignations, promotions, and transfers of the New Zealand Staff and undermentioned Territorial units. His Excellency the Governor has approved of the following resignations, promotions, and transfers of the New Zealand Staff and undermentioned Territorial units. His Excellency the Governor has approved of the following resignations, promotions, and transfers of the New Zealand Staff and undermentioned Territorial units. His Excellency the Governor has approved of the following resignations, promotions, and transfers of the New Zealand Staff and undermentioned Territorial units. His Excellency the Governor has approved of the following resignations, promotions, and transfers of the New Zealand Staff and undermentioned Territorial units.
AUSTRALIAN NEWS
WHEAT POOL PAYMENTS
ENEMY SUBJECTS

The Minister of Agriculture announced that the amount paid to the farmers on wheat pool certificates amounts to £21,000,000.

The Minister of Agriculture announced that the amount paid to the farmers on wheat pool certificates amounts to £21,000,000. The Minister of Agriculture announced that the amount paid to the farmers on wheat pool certificates amounts to £21,000,000. The Minister of Agriculture announced that the amount paid to the farmers on wheat pool certificates amounts to £21,000,000. The Minister of Agriculture announced that the amount paid to the farmers on wheat pool certificates amounts to £21,000,000. The Minister of Agriculture announced that the amount paid to the farmers on wheat pool certificates amounts to £21,000,000. The Minister of Agriculture announced that the amount paid to the farmers on wheat pool certificates amounts to £21,000,000. The Minister of Agriculture announced that the amount paid to the farmers on wheat pool certificates amounts to £21,000,000. The Minister of Agriculture announced that the amount paid to the farmers on wheat pool certificates amounts to £21,000,000. The Minister of Agriculture announced that the amount paid to the farmers on wheat pool certificates amounts to £21,000,000. The Minister of Agriculture announced that the amount paid to the farmers on wheat pool certificates amounts to £21,000,000. The Minister of Agriculture announced that the amount paid to the farmers on wheat pool certificates amounts to £21,000,000. The Minister of Agriculture announced that the amount paid to the farmers on wheat pool certificates amounts to £21,000,000. The Minister of Agriculture announced that the amount paid to the farmers on wheat pool certificates amounts to £21,000,000. The Minister of Agriculture announced that the amount paid to the farmers on wheat pool certificates amounts to £21,000,000. The Minister of Agriculture announced that the amount paid to the farmers on wheat pool certificates amounts to £21,000,000. The Minister of Agriculture announced that the amount paid to the farmers on wheat pool certificates amounts to £21,000,000. The Minister of Agriculture announced that the amount paid to the farmers on wheat pool certificates amounts to £21,000,000. The Minister of Agriculture announced that the amount paid to the farmers on wheat pool certificates amounts to £21,000,000. The Minister of Agriculture announced that the amount paid to the farmers on wheat pool certificates amounts to £21,000,000. The Minister of Agriculture announced that the amount paid to the farmers on wheat pool certificates amounts to £21,000,000. The Minister of Agriculture announced that the amount paid to the farmers on wheat pool certificates amounts to £21,000,000. The Minister of Agriculture announced that the amount paid to the farmers on wheat pool certificates amounts to £21,000,000.
ACCIDENTS & FATALITIES
AN INQUEST
The Minister of Agriculture announced that the amount paid to the farmers on wheat pool certificates amounts to £21,000,000. The Minister of Agriculture announced that the amount paid to the farmers on wheat pool certificates amounts to £21,000,000. The Minister of Agriculture announced that the amount paid to the farmers on wheat pool certificates amounts to £21,000,000. The Minister of Agriculture announced that the amount paid to the farmers on wheat pool certificates amounts to £21,000,000. The Minister of Agriculture announced that the amount paid to the farmers on wheat pool certificates amounts to £21,000,000. The Minister of Agriculture announced that the amount paid to the farmers on wheat pool certificates amounts to £21,000,000. The Minister of Agriculture announced that the amount paid to the farmers on wheat pool certificates amounts to £21,000,000. The Minister of Agriculture announced that the amount paid to the farmers on wheat pool certificates amounts to £21,000,000. The Minister of Agriculture announced that the amount paid to the farmers on wheat pool certificates amounts to £21,000,000. The Minister of Agriculture announced that the amount paid to the farmers on wheat pool certificates amounts to £21,000,000. The Minister of Agriculture announced that the amount paid to the farmers on wheat pool certificates amounts to £21,000,000. The Minister of Agriculture announced that the amount paid to the farmers on wheat pool certificates amounts to £21,000,000. The Minister of Agriculture announced that the amount paid to the farmers on wheat pool certificates amounts to £21,000,000. The Minister of Agriculture announced that the amount paid to the farmers on wheat pool certificates amounts to £21,000,000. The Minister of Agriculture announced that the amount paid to the farmers on wheat pool certificates amounts to £21,000,000. The Minister of Agriculture announced that the amount paid to the farmers on wheat pool certificates amounts to £21,000,000. The Minister of Agriculture announced that the amount paid to the farmers on wheat pool certificates amounts to £21,000,000. The Minister of Agriculture announced that the amount paid to the farmers on wheat pool certificates amounts to £21,000,000.
SIR JOSEPH WARD IN THE SOUTH
AUSTRALIAN CASUALTIES
The Minister of Agriculture announced that the amount paid to the farmers on wheat pool certificates amounts to £21,000,000. The Minister of Agriculture announced that the amount paid to the farmers on wheat pool certificates amounts to £21,000,000. The Minister of Agriculture announced that the amount paid to the farmers on wheat pool certificates amounts to £21,000,000. The Minister of Agriculture announced that the amount paid to the farmers on wheat pool certificates amounts to £21,000,000. The Minister of Agriculture announced that the amount paid to the farmers on wheat pool certificates amounts to £21,000,000. The Minister of Agriculture announced that the amount paid to the farmers on wheat pool certificates amounts to £21,000,000. The Minister of Agriculture announced that the amount paid to the farmers on wheat pool certificates amounts to £21,000,000. The Minister of Agriculture announced that the amount paid to the farmers on wheat pool certificates amounts to £21,000,000. The Minister of Agriculture announced that the amount paid to the farmers on wheat pool certificates amounts to £21,000,000. The Minister of Agriculture announced that the amount paid to the farmers on wheat pool certificates amounts to £21,000,000. The Minister of Agriculture announced that the amount paid to the farmers on wheat pool certificates amounts to £21,000,000. The Minister of Agriculture announced that the amount paid to the farmers on wheat pool certificates amounts to £21,000,000. The Minister of Agriculture announced that the amount paid to the farmers on wheat pool certificates amounts to £21,000,000. The Minister of Agriculture announced that the amount paid to the farmers on wheat pool certificates amounts to £21,000,000. The Minister of Agriculture announced that the amount paid to the farmers on wheat pool certificates amounts to £21,000,000. The Minister of Agriculture announced that the amount paid to the farmers on wheat pool certificates amounts to £21,000,000. The Minister of Agriculture announced that the amount paid to the farmers on wheat pool certificates amounts to £21,000,000. The Minister of Agriculture announced that the amount paid to the farmers on wheat pool certificates amounts to £21,000,000. The Minister of Agriculture announced that the amount paid to the farmers on wheat pool certificates amounts to £21,000,000. The Minister of Agriculture announced that the amount paid to the farmers on wheat pool certificates amounts to £21,000,000.
SCHOOL ELECTIONS
ANNUAL MEETINGS OF HOUSEHOLDERS
MATTERS OF INTEREST

The annual statutory meetings of householders convened for the purpose of reviewing the reports of the outgoing committees, and electing committees for the ensuing year, were held last evening.

The annual statutory meetings of householders convened for the purpose of reviewing the reports of the outgoing committees, and electing committees for the ensuing year, were held last evening. The annual statutory meetings of householders convened for the purpose of reviewing the reports of the outgoing committees, and electing committees for the ensuing year, were held last evening. The annual statutory meetings of householders convened for the purpose of reviewing the reports of the outgoing committees, and electing committees for the ensuing year, were held last evening. The annual statutory meetings of householders convened for the purpose of reviewing the reports of the outgoing committees, and electing committees for the ensuing year, were held last evening. The annual statutory meetings of householders convened for the purpose of reviewing the reports of the outgoing committees, and electing committees for the ensuing year, were held last evening. The annual statutory meetings of householders convened for the purpose of reviewing the reports of the outgoing committees, and electing committees for the ensuing year, were held last evening. The annual statutory meetings of householders convened for the purpose of reviewing the reports of the outgoing committees, and electing committees for the ensuing year, were held last evening. The annual statutory meetings of householders convened for the purpose of reviewing the reports of the outgoing committees, and electing committees for the ensuing year, were held last evening. The annual statutory meetings of householders convened for the purpose of reviewing the reports of the outgoing committees, and electing committees for the ensuing year, were held last evening. The annual statutory meetings of householders convened for the purpose of reviewing the reports of the outgoing committees, and electing committees for the ensuing year, were held last evening. The annual statutory meetings of householders convened for the purpose of reviewing the reports of the outgoing committees, and electing committees for the ensuing year, were held last evening. The annual statutory meetings of householders convened for the purpose of reviewing the reports of the outgoing committees, and electing committees for the ensuing year, were held last evening. The annual statutory meetings of householders convened for the purpose of reviewing the reports of the outgoing committees, and electing committees for the ensuing year, were held last evening. The annual statutory meetings of householders convened for the purpose of reviewing the reports of the outgoing committees, and electing committees for the ensuing year, were held last evening. The annual statutory meetings of householders convened for the purpose of reviewing the reports of the outgoing committees, and electing committees for the ensuing year, were held last evening. The annual statutory meetings of householders convened for the purpose of reviewing the reports of the outgoing committees, and electing committees for the ensuing year, were held last evening. The annual statutory meetings of householders convened for the purpose of reviewing the reports of the outgoing committees, and electing committees for the ensuing year, were held last evening. The annual statutory meetings of householders convened for the purpose of reviewing the reports of the outgoing committees, and electing committees for the ensuing year, were held last evening. The annual statutory meetings of householders convened for the purpose of reviewing the reports of the outgoing committees, and electing committees for the ensuing year, were held last evening. The annual statutory meetings of householders convened for the purpose of reviewing the reports of the outgoing committees, and electing committees for the ensuing year, were held last evening. The annual statutory meetings of householders convened for the purpose of reviewing the reports of the outgoing committees, and electing committees for the ensuing year, were held last evening. The annual statutory meetings of householders convened for the purpose of reviewing the reports of the outgoing committees, and electing committees for the ensuing year, were held last evening.
ISLAND BAY
The annual statutory meetings of householders convened for the purpose of reviewing the reports of the outgoing committees, and electing committees for the ensuing year, were held last evening. The annual statutory meetings of householders convened for the purpose of reviewing the reports of the outgoing committees, and electing committees for the ensuing year, were held last evening. The annual statutory meetings of householders convened for the purpose of reviewing the reports of the outgoing committees, and electing committees for the ensuing year, were held last evening. The annual statutory meetings of householders convened for the purpose of reviewing the reports of the outgoing committees, and electing committees for the ensuing year, were held last evening. The annual statutory meetings of householders convened for the purpose of reviewing the reports of the outgoing committees, and electing committees for the ensuing year, were held last evening. The annual statutory meetings of householders convened for the purpose of reviewing the reports of the outgoing committees, and electing committees for the ensuing year, were held last evening. The annual statutory meetings of householders convened for the purpose of reviewing the reports of the outgoing committees, and electing committees for the ensuing year, were held last evening. The annual statutory meetings of householders convened for the purpose of reviewing the reports of the outgoing committees, and electing committees for the ensuing year, were held last evening. The annual statutory meetings of householders convened for the purpose of reviewing the reports of the outgoing committees, and electing committees for the ensuing year, were held last evening. The annual statutory meetings of householders convened for the purpose of reviewing the reports of the outgoing committees, and electing committees for the ensuing year, were held last evening. The annual statutory meetings of householders convened for the purpose of reviewing the reports of the outgoing committees, and electing committees for the ensuing year, were held last evening. The annual statutory meetings of householders convened for the purpose of reviewing the reports of the outgoing committees, and electing committees for the ensuing year, were held last evening. The annual statutory meetings of householders convened for the purpose of reviewing the reports of the outgoing committees, and electing committees for the ensuing year, were held last evening. The annual statutory meetings of householders convened for the purpose of reviewing the reports of the outgoing committees, and electing committees for the ensuing year, were held last evening. The annual statutory meetings of householders convened for the purpose of reviewing the reports of the outgoing committees, and electing committees for the ensuing year, were held last evening. The annual statutory meetings of householders convened for the purpose of reviewing the reports of the outgoing committees, and electing committees for the ensuing year, were held last evening. The annual statutory meetings of householders convened for the purpose of reviewing the reports of the outgoing committees, and electing committees for the ensuing year, were held last evening. The annual statutory meetings of householders convened for the purpose of reviewing the reports of the outgoing committees, and electing committees for the ensuing year, were held last evening.
EASTERN HUTT
The annual statutory meetings of householders convened for the purpose of reviewing the reports of the outgoing committees, and electing committees for the ensuing year, were held last evening. The annual statutory meetings of householders convened for the purpose of reviewing the reports of the outgoing committees, and electing committees for the ensuing year, were held last evening. The annual statutory meetings of householders convened for the purpose of reviewing the reports of the outgoing committees, and electing committees for the ensuing year, were held last evening. The annual statutory meetings of householders convened for the purpose of reviewing the reports of the outgoing committees, and electing committees for the ensuing year, were held last evening. The annual statutory meetings of householders convened for the purpose of reviewing the reports of the outgoing committees, and electing committees for the ensuing year, were held last evening. The annual statutory meetings of householders convened for the purpose of reviewing the reports of the outgoing committees, and electing committees for the ensuing year, were held last evening. The annual statutory meetings of householders convened for the purpose of reviewing the reports of the outgoing committees, and electing committees for the ensuing year, were held last evening. The annual statutory meetings of householders convened for the purpose of reviewing the reports of the outgoing committees, and electing committees for the ensuing year, were held last evening. The annual statutory meetings of householders convened for the purpose of reviewing the reports of the outgoing committees, and electing committees for the ensuing year, were held last evening. The annual statutory meetings of householders convened for the purpose of reviewing the reports of the outgoing committees, and electing committees for the ensuing year, were held last evening. The annual statutory meetings of householders convened for the purpose of reviewing the reports of the outgoing committees, and electing committees for the ensuing year, were held last evening. The annual statutory meetings of householders convened for the purpose of reviewing the reports of the outgoing committees, and electing committees for the ensuing year, were held last evening. The annual statutory meetings of householders convened for the purpose of reviewing the reports of the outgoing committees, and electing committees for the ensuing year, were held last evening. The annual statutory meetings of householders convened for the purpose of reviewing the reports of the outgoing committees, and electing committees for the ensuing year, were held last evening. The annual statutory meetings of householders convened for the purpose of reviewing the reports of the outgoing committees, and electing committees for the ensuing year, were held last evening. The annual statutory meetings of householders convened for the purpose of reviewing the reports of the outgoing committees, and electing committees for the ensuing year, were held last evening. The annual statutory meetings of householders convened for the purpose of reviewing the reports of the outgoing committees, and electing committees for the ensuing year, were held last evening. The annual statutory meetings of householders convened for the purpose of reviewing the reports of the outgoing committees, and electing committees for the ensuing year, were held last evening. The annual statutory meetings of householders convened for the purpose of reviewing the reports of the outgoing committees, and electing committees for the ensuing year, were held last evening. The annual statutory meetings of householders convened for the purpose of reviewing the reports of the outgoing committees, and electing committees for the ensuing year, were held last evening.

dealt with the filling of the remaining three vacancies. The meeting instructed the incoming committee to have a suitable honours board erected in the school.

dealt with the filling of the remaining three vacancies. The meeting instructed the incoming committee to have a suitable honours board erected in the school. dealt with the filling of the remaining three vacancies. The meeting instructed the incoming committee to have a suitable honours board erected in the school. dealt with the filling of the remaining three vacancies. The meeting instructed the incoming committee to have a suitable honours board erected in the school. dealt with the filling of the remaining three vacancies. The meeting instructed the incoming committee to have a suitable honours board erected in the school. dealt with the filling of the remaining three vacancies. The meeting instructed the incoming committee to have a suitable honours board erected in the school. dealt with the filling of the remaining three vacancies. The meeting instructed the incoming committee to have a suitable honours board erected in the school. dealt with the filling of the remaining three vacancies. The meeting instructed the incoming committee to have a suitable honours board erected in the school. dealt with the filling of the remaining three vacancies. The meeting instructed the incoming committee to have a suitable honours board erected in the school. dealt with the filling of the remaining three vacancies. The meeting instructed the incoming committee to have a suitable honours board erected in the school. dealt with the filling of the remaining three vacancies. The meeting instructed the incoming committee to have a suitable honours board erected in the school. dealt with the filling of the remaining three vacancies. The meeting instructed the incoming committee to have a suitable honours board erected in the school. dealt with the filling of the remaining three vacancies. The meeting instructed the incoming committee to have a suitable honours board erected in the school. dealt with the filling of the remaining three vacancies. The meeting instructed the incoming committee to have a suitable honours board erected in the school. dealt with the filling of the remaining three vacancies. The meeting instructed the incoming committee to have a suitable honours board erected in the school. dealt with the filling of the remaining three vacancies. The meeting instructed the incoming committee to have a suitable honours board erected in the school. dealt with the filling of the remaining three vacancies. The meeting instructed the incoming committee to have a suitable honours board erected in the school. dealt with the filling of the remaining three vacancies. The meeting instructed the incoming committee to have a suitable honours board erected in the school. dealt with the filling of the remaining three vacancies. The meeting instructed the incoming committee to have a suitable honours board erected in the school. dealt with the filling of the remaining three vacancies. The meeting instructed the incoming committee to have a suitable honours board erected in the school. dealt with the filling of the remaining three vacancies. The meeting instructed the incoming committee to have a suitable honours board erected in the school. dealt with the filling of the remaining three vacancies. The meeting instructed the incoming committee to have a suitable honours board erected in the school. dealt with the filling of the remaining three vacancies. The meeting instructed the incoming committee to have a suitable honours board erected in the school.
SEATOUN
dealt with the filling of the remaining three vacancies. The meeting instructed the incoming committee to have a suitable honours board erected in the school. dealt with the filling of the remaining three vacancies. The meeting instructed the incoming committee to have a suitable honours board erected in the school. dealt with the filling of the remaining three vacancies. The meeting instructed the incoming committee to have a suitable honours board erected in the school. dealt with the filling of the remaining three vacancies. The meeting instructed the incoming committee to have a suitable honours board erected in the school. dealt with the filling of the remaining three vacancies. The meeting instructed the incoming committee to have a suitable honours board erected in the school. dealt with the filling of the remaining three vacancies. The meeting instructed the incoming committee to have a suitable honours board erected in the school. dealt with the filling of the remaining three vacancies. The meeting instructed the incoming committee to have a suitable honours board erected in the school. dealt with the filling of the remaining three vacancies. The meeting instructed the incoming committee to have a suitable honours board erected in the school. dealt with the filling of the remaining three vacancies. The meeting instructed the incoming committee to have a suitable honours board erected in the school. dealt with the filling of the remaining three vacancies. The meeting instructed the incoming committee to have a suitable honours board erected in the school. dealt with the filling of the remaining three vacancies. The meeting instructed the incoming committee to have a suitable honours board erected in the school. dealt with the filling of the remaining three vacancies. The meeting instructed the incoming committee to have a suitable honours board erected in the school. dealt with the filling of the remaining three vacancies. The meeting instructed the incoming committee to have a suitable honours board erected in the school. dealt with the filling of the remaining three vacancies. The meeting instructed the incoming committee to have a suitable honours board erected in the school. dealt with the filling of the remaining three vacancies. The meeting instructed the incoming committee to have a suitable honours board erected in the school. dealt with the filling of the remaining three vacancies. The meeting instructed the incoming committee to have a suitable honours board erected in the school. dealt with the filling of the remaining three vacancies. The meeting instructed the incoming committee to have a suitable honours board erected in the school. dealt with the filling of the remaining three vacancies. The meeting instructed the incoming committee to have a suitable honours board erected in the school.
PIGEON BAY
dealt with the filling of the remaining three vacancies. The meeting instructed the incoming committee to have a suitable honours board erected in the school. dealt with the filling of the remaining three vacancies. The meeting instructed the incoming committee to have a suitable honours board erected in the school. dealt with the filling of the remaining three vacancies. The meeting instructed the incoming committee to have a suitable honours board erected in the school. dealt with the filling of the remaining three vacancies. The meeting instructed the incoming committee to have a suitable honours board erected in the school. dealt with the filling of the remaining three vacancies. The meeting instructed the incoming committee to have a suitable honours board erected in the school. dealt with the filling of the remaining three vacancies. The meeting instructed the incoming committee to have a suitable honours board erected in the school. dealt with the filling of the remaining three vacancies. The meeting instructed the incoming committee to have a suitable honours board erected in the school. dealt with the filling of the remaining three vacancies. The meeting instructed the incoming committee to have a suitable honours board erected in the school. dealt with the filling of the remaining three vacancies. The meeting instructed the incoming committee to have a suitable honours board erected in the school. dealt with the filling of the remaining three vacancies. The meeting instructed the incoming committee to have a suitable honours board erected in the school. dealt with the filling of the remaining three vacancies. The meeting instructed the incoming committee to have a suitable honours board erected in the school. dealt with the filling of the remaining three vacancies. The meeting instructed the incoming committee to have a suitable honours board erected in the school. dealt with the filling of the remaining three vacancies. The meeting instructed the incoming committee to have a suitable honours board erected in the school. dealt with the filling of the remaining three vacancies. The meeting instructed the incoming committee to have a suitable honours board erected in the school. dealt with the filling of the remaining three vacancies. The meeting instructed the incoming committee to have a suitable honours board erected in the school. dealt with the filling of the remaining three vacancies. The meeting instructed the incoming committee to have a suitable honours board erected in the school. dealt with the filling of the remaining three vacancies. The meeting instructed the incoming committee to have a suitable honours board erected in the school. dealt with the filling of the remaining three vacancies. The meeting instructed the incoming committee to have a suitable honours board erected in the school. dealt with the filling of the remaining three vacancies. The meeting instructed the incoming committee to have a suitable honours board erected in the school. dealt with the filling of the remaining three vacancies. The meeting instructed the incoming committee to have a suitable honours board erected in the school.
